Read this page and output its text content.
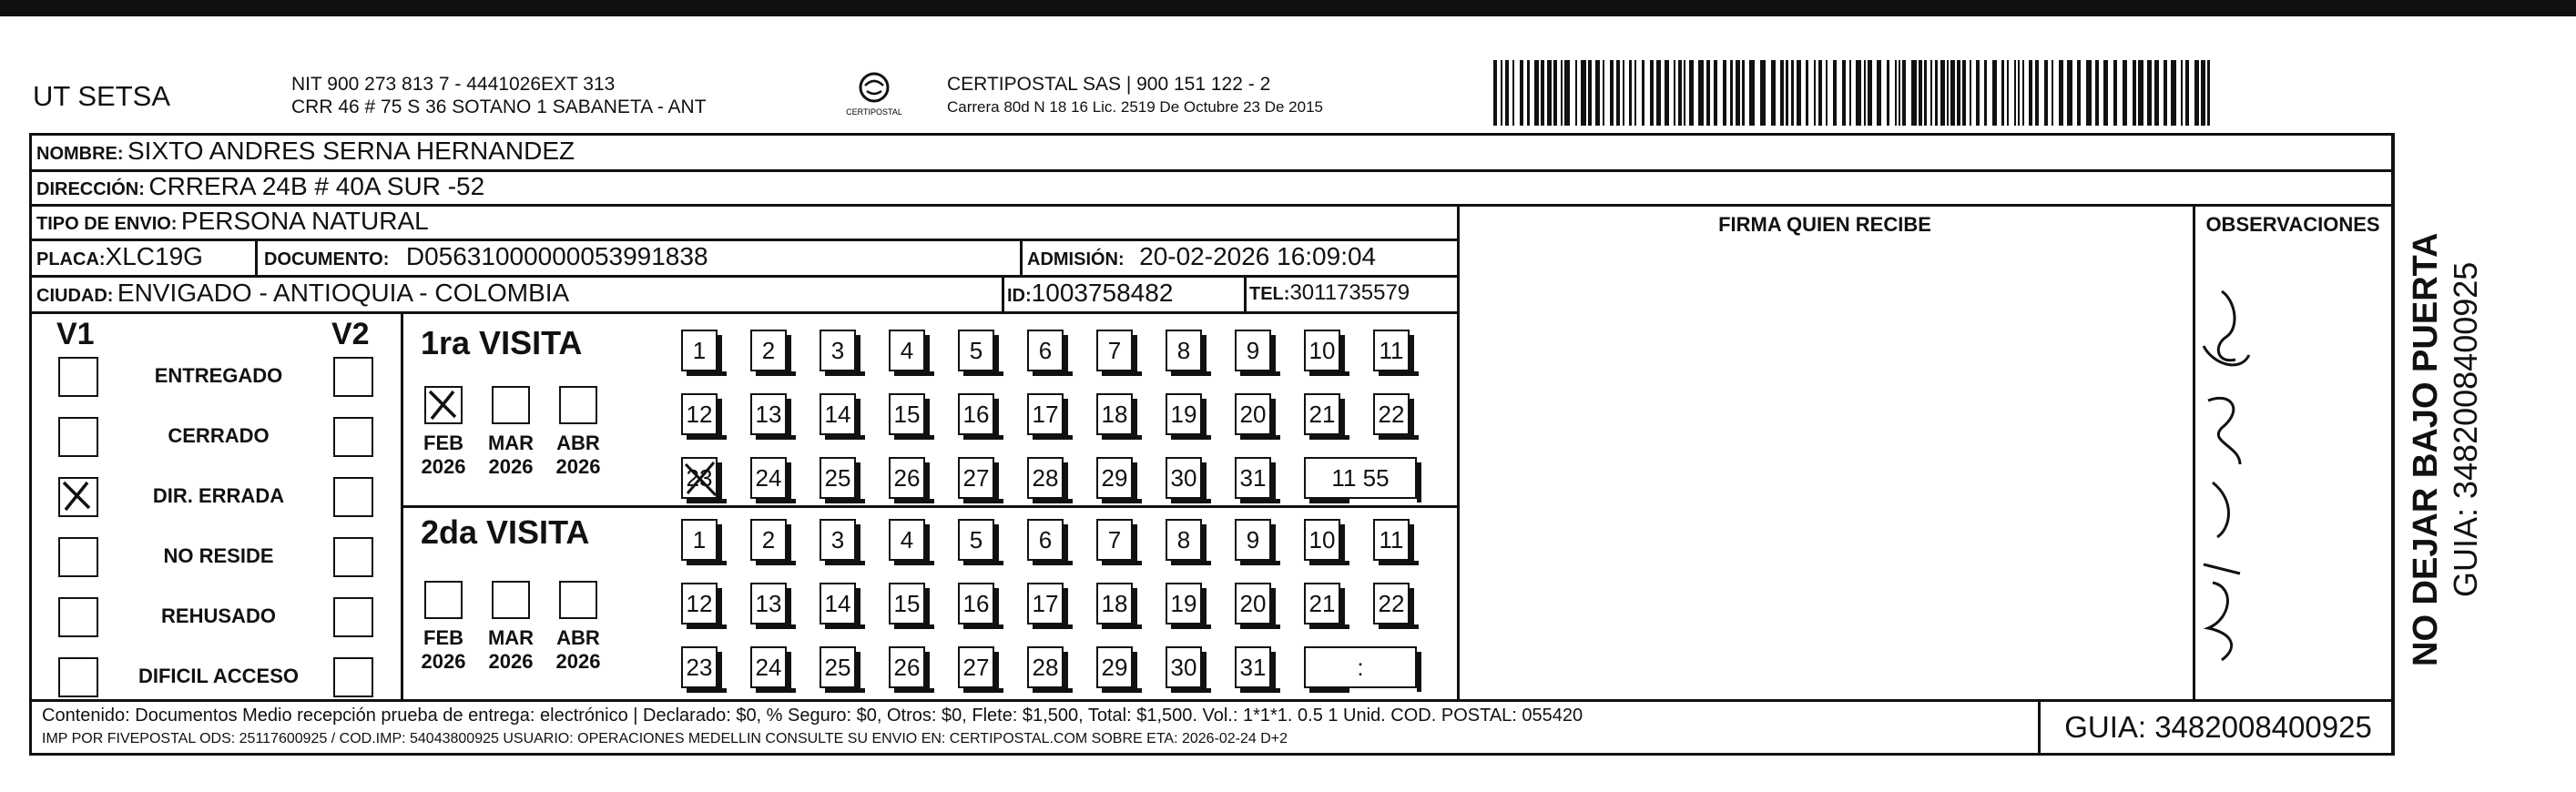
UT SETSA	NIT 900 273 813 7 - 4441026EXT 313
CRR 46 # 75 S 36 SOTANO 1 SABANETA - ANT	CERTIPOSTAL
CERTIPOSTAL SAS | 900 151 122 - 2
Carrera 80d N 18 16 Lic. 2519 De Octubre 23 De 2015
NOMBRE: SIXTO ANDRES SERNA HERNANDEZ
DIRECCIÓN: CRRERA 24B # 40A SUR -52
TIPO DE ENVIO: PERSONA NATURAL
PLACA:XLC19G	DOCUMENTO: D05631000000053991838	ADMISIÓN: 20-02-2026 16:09:04
CIUDAD: ENVIGADO - ANTIOQUIA - COLOMBIA	ID:1003758482	TEL:3011735579
FIRMA QUIEN RECIBE	OBSERVACIONES
V1	V2
ENTREGADO
CERRADO
DIR. ERRADA
NO RESIDE
REHUSADO
DIFICIL ACCESO
1ra VISITA
2da VISITA
FEB
2026
MAR
2026
ABR
2026
1	2	3	4	5	6	7	8	9	10 11
12 13 14 15 16 17 18 19 20 21 22
23 24 25 26 27 28 29 30 31	11 55
FEB
2026
MAR
2026
ABR
2026
1	2	3	4	5	6	7	8	9	10 11
12 13 14 15 16 17 18 19 20 21 22
23 24 25 26 27 28 29 30 31	:
Contenido: Documentos Medio recepción prueba de entrega: electrónico | Declarado: $0, % Seguro: $0, Otros: $0, Flete: $1,500, Total: $1,500. Vol.: 1*1*1. 0.5 1 Unid. COD. POSTAL: 055420
IMP POR FIVEPOSTAL ODS: 25117600925 / COD.IMP: 54043800925 USUARIO: OPERACIONES MEDELLIN CONSULTE SU ENVIO EN: CERTIPOSTAL.COM SOBRE ETA: 2026-02-24 D+2	GUIA: 3482008400925
NO DEJAR BAJO PUERTA GUIA: 3482008400925
